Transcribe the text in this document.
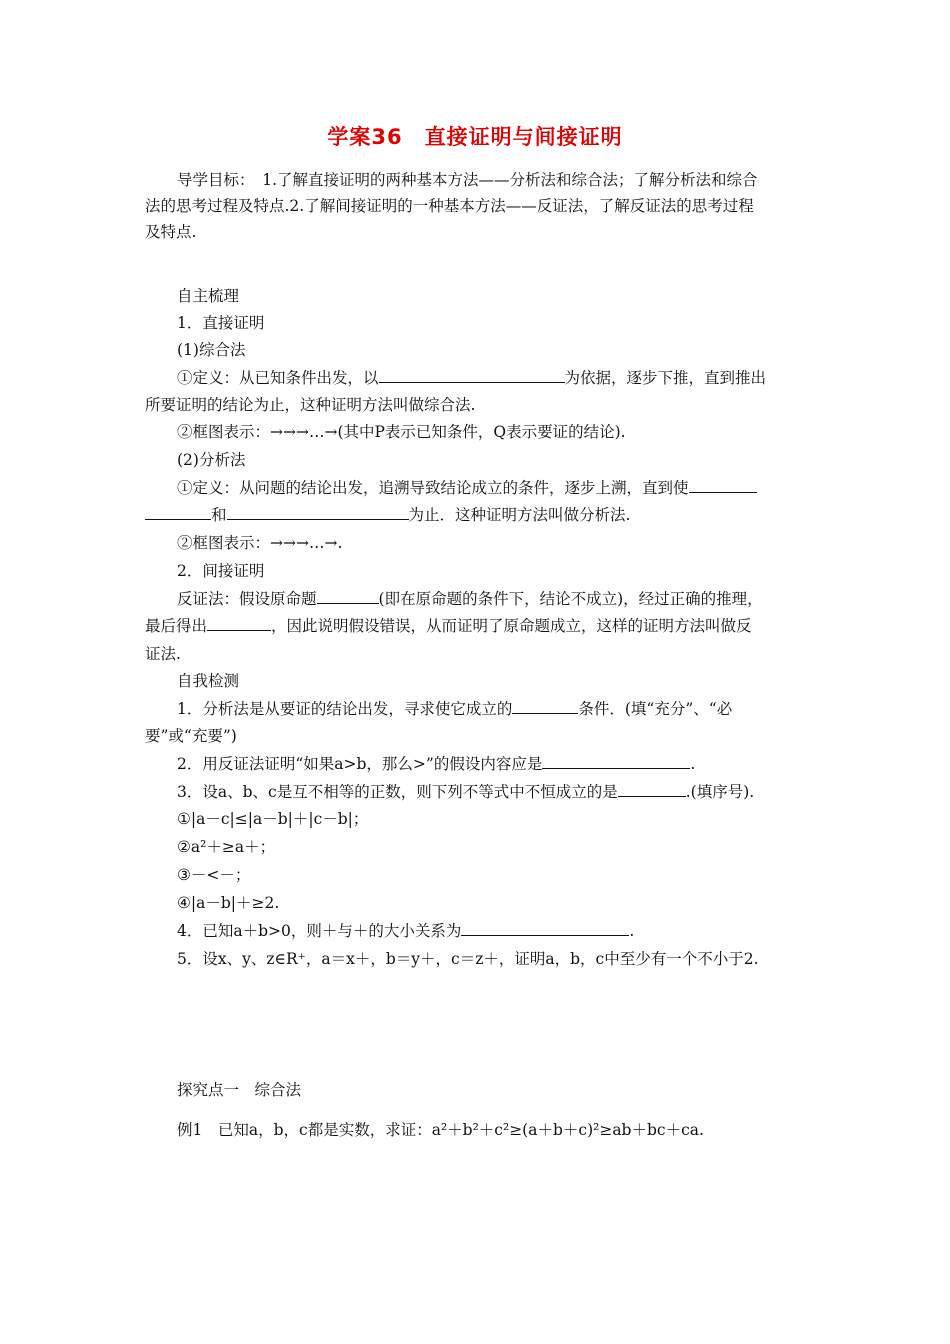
学案36　直接证明与间接证明
导学目标：　1.了解直接证明的两种基本方法——分析法和综合法；了解分析法和综合
法的思考过程及特点.2.了解间接证明的一种基本方法——反证法，了解反证法的思考过程
及特点.
自主梳理
1．直接证明
(1)综合法
①定义：从已知条件出发，以	为依据，逐步下推，直到推出
所要证明的结论为止，这种证明方法叫做综合法.
②框图表示：→→→…→(其中P表示已知条件，Q表示要证的结论).
(2)分析法
①定义：从问题的结论出发，追溯导致结论成立的条件，逐步上溯，直到使
和	为止．这种证明方法叫做分析法.
②框图表示：→→→…→.
2．间接证明
反证法：假设原命题	(即在原命题的条件下，结论不成立)，经过正确的推理，
最后得出	，因此说明假设错误，从而证明了原命题成立，这样的证明方法叫做反
证法.
自我检测
1．分析法是从要证的结论出发，寻求使它成立的	条件．(填“充分”、“必
要”或“充要”)
2．用反证法证明“如果a>b，那么>”的假设内容应是	.
3．设a、b、c是互不相等的正数，则下列不等式中不恒成立的是	.(填序号).
①|a－c|≤|a－b|＋|c－b|；
②a²＋≥a＋；
③－<－；
④|a－b|＋≥2.
4．已知a＋b>0，则＋与＋的大小关系为	.
5．设x、y、z∈R⁺，a＝x＋，b＝y＋，c＝z＋，证明a，b，c中至少有一个不小于2.
探究点一　综合法
例1　已知a，b，c都是实数，求证：a²＋b²＋c²≥(a＋b＋c)²≥ab＋bc＋ca.
